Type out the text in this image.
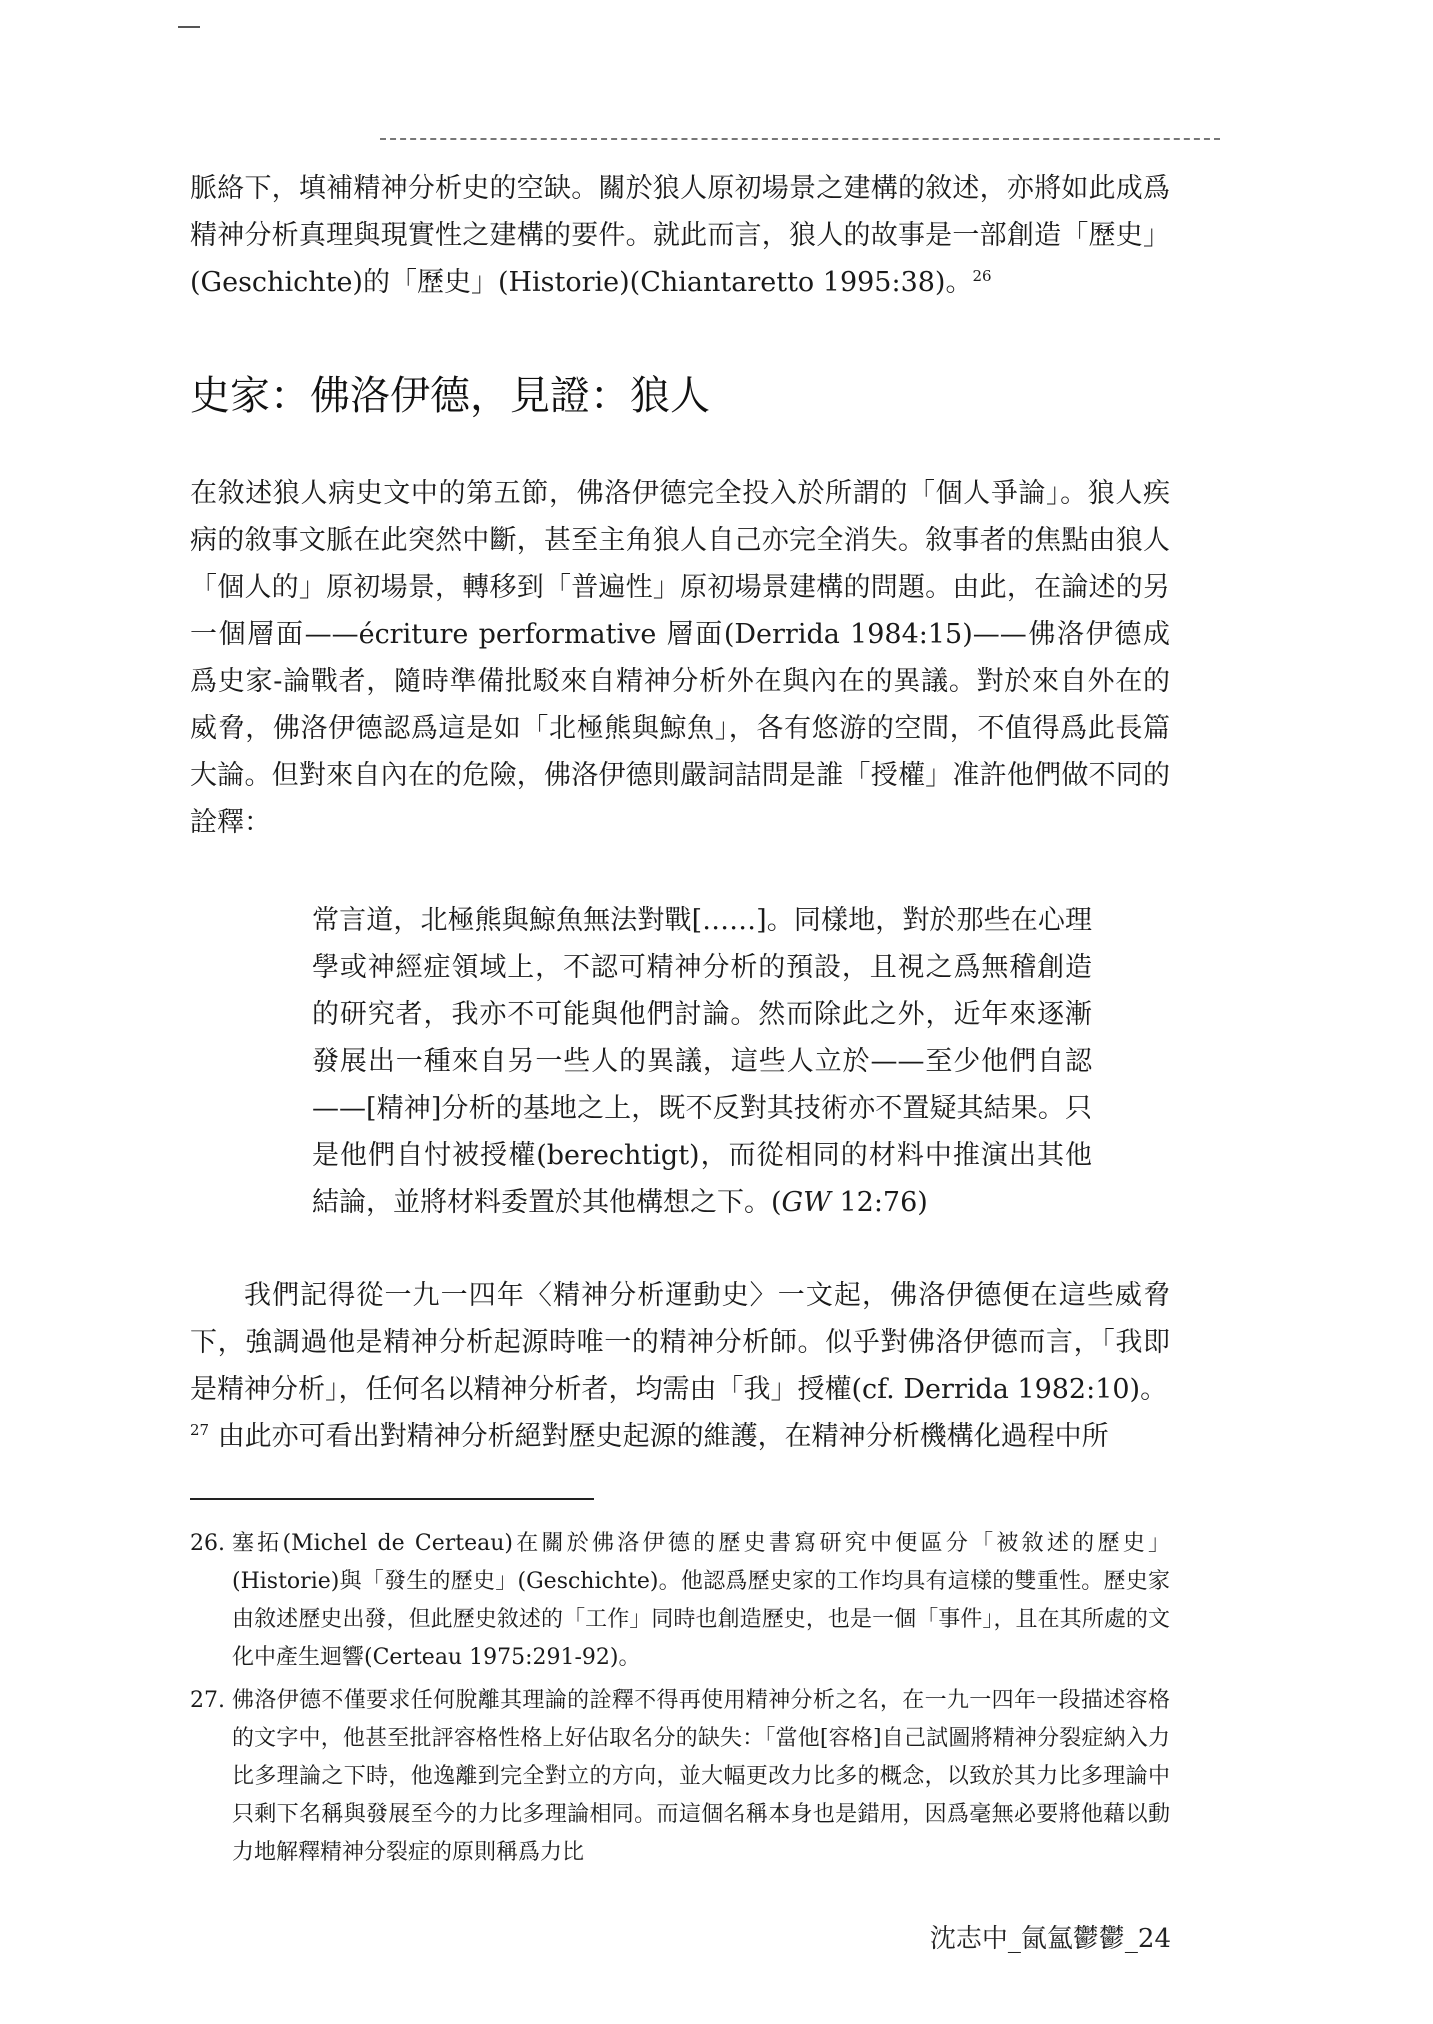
脈絡下，填補精神分析史的空缺。關於狼人原初場景之建構的敘述，亦將如此成爲精神分析真理與現實性之建構的要件。就此而言，狼人的故事是一部創造「歷史」(Geschichte)的「歷史」(Historie)(Chiantaretto 1995:38)。$^{26}$

史家：佛洛伊德，見證：狼人

在敘述狼人病史文中的第五節，佛洛伊德完全投入於所謂的「個人爭論」。狼人疾病的敘事文脈在此突然中斷，甚至主角狼人自己亦完全消失。敘事者的焦點由狼人「個人的」原初場景，轉移到「普遍性」原初場景建構的問題。由此，在論述的另一個層面——écriture performative 層面(Derrida 1984:15)——佛洛伊德成爲史家-論戰者，隨時準備批駁來自精神分析外在與內在的異議。對於來自外在的威脅，佛洛伊德認爲這是如「北極熊與鯨魚」，各有悠游的空間，不值得爲此長篇大論。但對來自內在的危險，佛洛伊德則嚴詞詰問是誰「授權」准許他們做不同的詮釋：

常言道，北極熊與鯨魚無法對戰[……]。同樣地，對於那些在心理學或神經症領域上，不認可精神分析的預設，且視之爲無稽創造的研究者，我亦不可能與他們討論。然而除此之外，近年來逐漸發展出一種來自另一些人的異議，這些人立於——至少他們自認——[精神]分析的基地之上，既不反對其技術亦不置疑其結果。只是他們自忖被授權(berechtigt)，而從相同的材料中推演出其他結論，並將材料委置於其他構想之下。(GW 12:76)

我們記得從一九一四年〈精神分析運動史〉一文起，佛洛伊德便在這些威脅下，強調過他是精神分析起源時唯一的精神分析師。似乎對佛洛伊德而言，「我即是精神分析」，任何名以精神分析者，均需由「我」授權(cf. Derrida 1982:10)。
$^{27}$ 由此亦可看出對精神分析絕對歷史起源的維護，在精神分析機構化過程中所

26. 塞拓(Michel de Certeau)在關於佛洛伊德的歷史書寫研究中便區分「被敘述的歷史」(Historie)與「發生的歷史」(Geschichte)。他認爲歷史家的工作均具有這樣的雙重性。歷史家由敘述歷史出發，但此歷史敘述的「工作」同時也創造歷史，也是一個「事件」，且在其所處的文化中產生迴響(Certeau 1975:291-92)。
27. 佛洛伊德不僅要求任何脫離其理論的詮釋不得再使用精神分析之名，在一九一四年一段描述容格的文字中，他甚至批評容格性格上好佔取名分的缺失：「當他[容格]自己試圖將精神分裂症納入力比多理論之下時，他逸離到完全對立的方向，並大幅更改力比多的概念，以致於其力比多理論中只剩下名稱與發展至今的力比多理論相同。而這個名稱本身也是錯用，因爲毫無必要將他藉以動力地解釋精神分裂症的原則稱爲力比
沈志中_氤氳鬱鬱_24
